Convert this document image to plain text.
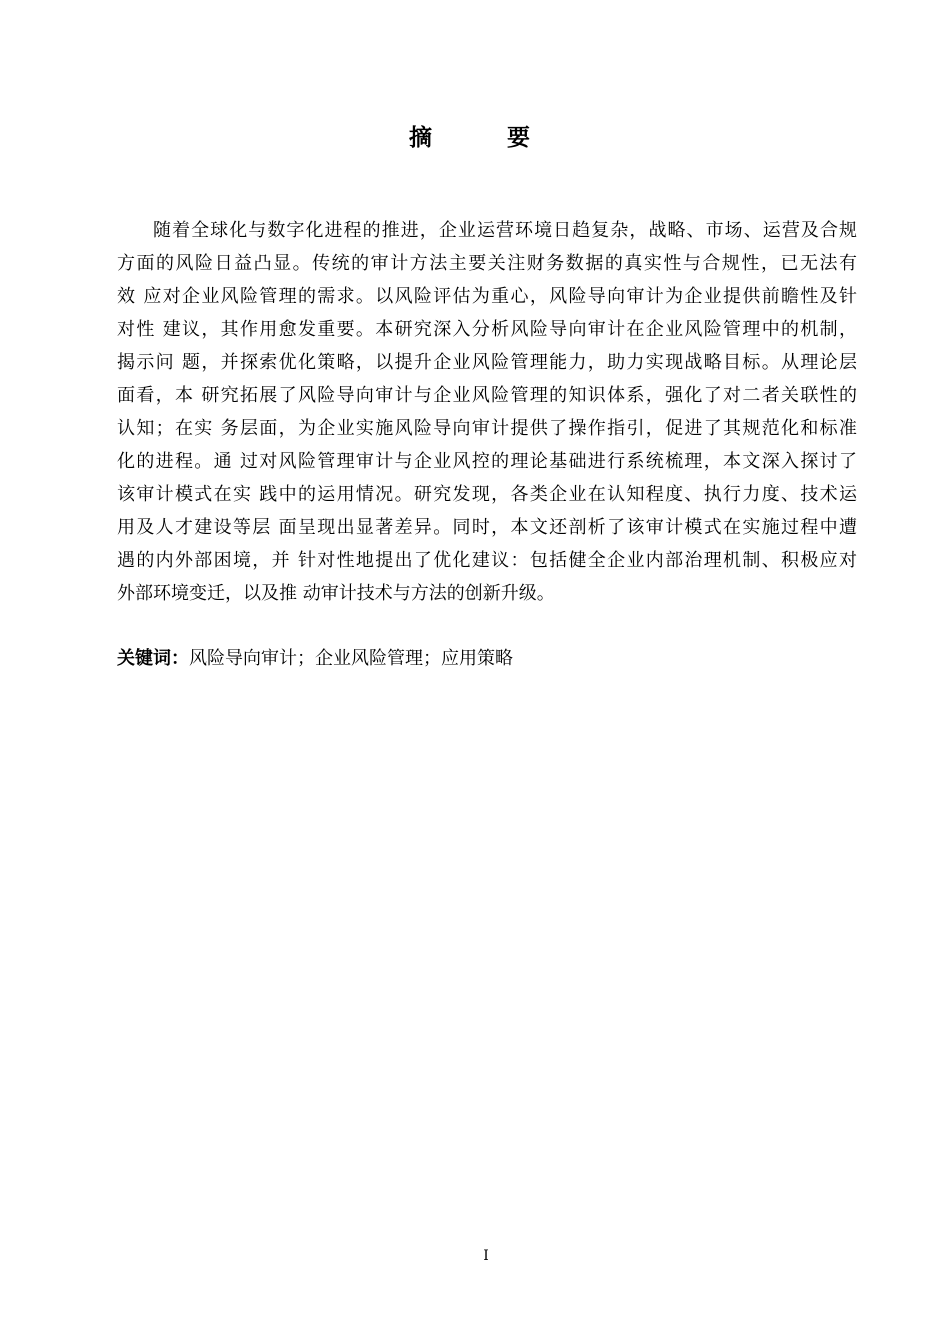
摘　要
随着全球化与数字化进程的推进，企业运营环境日趋复杂，战略、市场、运营及合规
方面的风险日益凸显。传统的审计方法主要关注财务数据的真实性与合规性，已无法有
效 应对企业风险管理的需求。以风险评估为重心，风险导向审计为企业提供前瞻性及针
对性 建议，其作用愈发重要。本研究深入分析风险导向审计在企业风险管理中的机制，
揭示问 题，并探索优化策略，以提升企业风险管理能力，助力实现战略目标。从理论层
面看，本 研究拓展了风险导向审计与企业风险管理的知识体系，强化了对二者关联性的
认知；在实 务层面，为企业实施风险导向审计提供了操作指引，促进了其规范化和标准
化的进程。通 过对风险管理审计与企业风控的理论基础进行系统梳理，本文深入探讨了
该审计模式在实 践中的运用情况。研究发现，各类企业在认知程度、执行力度、技术运
用及人才建设等层 面呈现出显著差异。同时，本文还剖析了该审计模式在实施过程中遭
遇的内外部困境，并 针对性地提出了优化建议：包括健全企业内部治理机制、积极应对
外部环境变迁，以及推 动审计技术与方法的创新升级。
关键词：风险导向审计；企业风险管理；应用策略
I
